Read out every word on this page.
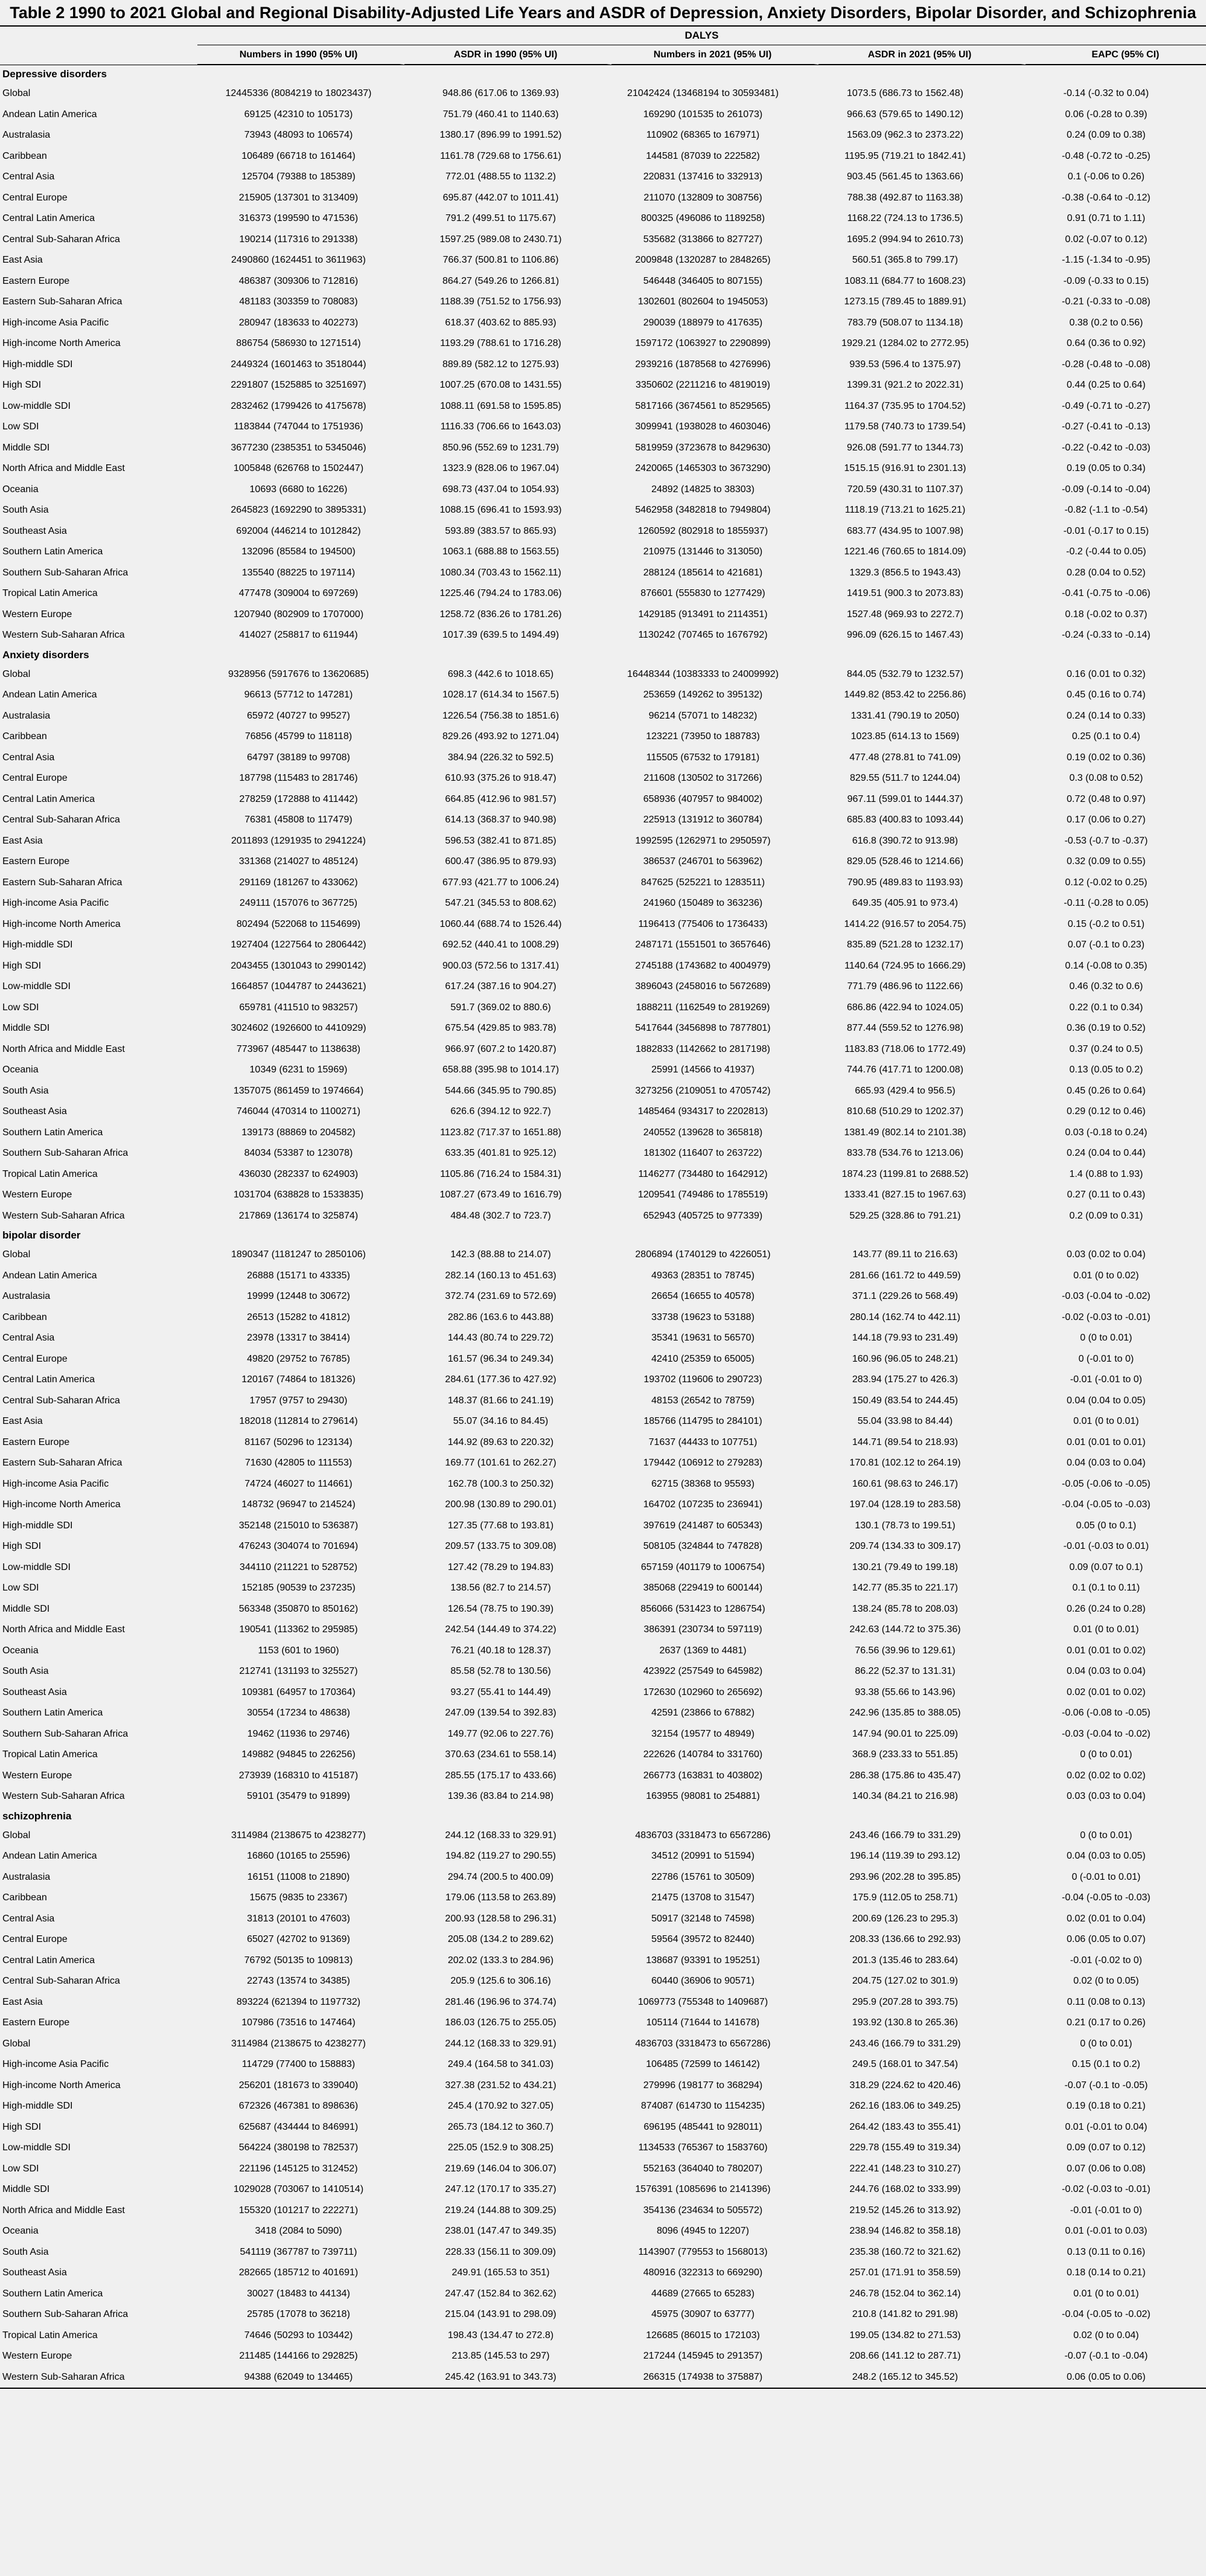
Table 2 1990 to 2021 Global and Regional Disability-Adjusted Life Years and ASDR of Depression, Anxiety Disorders, Bipolar Disorder, and Schizophrenia
DALYS
Numbers in 1990 (95% UI)	ASDR in 1990 (95% UI)	Numbers in 2021 (95% UI)	ASDR in 2021 (95% UI)	EAPC (95% CI)
Depressive disorders
Global	12445336 (8084219 to 18023437)	948.86 (617.06 to 1369.93)	21042424 (13468194 to 30593481)	1073.5 (686.73 to 1562.48)	-0.14 (-0.32 to 0.04)
Andean Latin America	69125 (42310 to 105173)	751.79 (460.41 to 1140.63)	169290 (101535 to 261073)	966.63 (579.65 to 1490.12)	0.06 (-0.28 to 0.39)
Australasia	73943 (48093 to 106574)	1380.17 (896.99 to 1991.52)	110902 (68365 to 167971)	1563.09 (962.3 to 2373.22)	0.24 (0.09 to 0.38)
Caribbean	106489 (66718 to 161464)	1161.78 (729.68 to 1756.61)	144581 (87039 to 222582)	1195.95 (719.21 to 1842.41)	-0.48 (-0.72 to -0.25)
Central Asia	125704 (79388 to 185389)	772.01 (488.55 to 1132.2)	220831 (137416 to 332913)	903.45 (561.45 to 1363.66)	0.1 (-0.06 to 0.26)
Central Europe	215905 (137301 to 313409)	695.87 (442.07 to 1011.41)	211070 (132809 to 308756)	788.38 (492.87 to 1163.38)	-0.38 (-0.64 to -0.12)
Central Latin America	316373 (199590 to 471536)	791.2 (499.51 to 1175.67)	800325 (496086 to 1189258)	1168.22 (724.13 to 1736.5)	0.91 (0.71 to 1.11)
Central Sub-Saharan Africa	190214 (117316 to 291338)	1597.25 (989.08 to 2430.71)	535682 (313866 to 827727)	1695.2 (994.94 to 2610.73)	0.02 (-0.07 to 0.12)
East Asia	2490860 (1624451 to 3611963)	766.37 (500.81 to 1106.86)	2009848 (1320287 to 2848265)	560.51 (365.8 to 799.17)	-1.15 (-1.34 to -0.95)
Eastern Europe	486387 (309306 to 712816)	864.27 (549.26 to 1266.81)	546448 (346405 to 807155)	1083.11 (684.77 to 1608.23)	-0.09 (-0.33 to 0.15)
Eastern Sub-Saharan Africa	481183 (303359 to 708083)	1188.39 (751.52 to 1756.93)	1302601 (802604 to 1945053)	1273.15 (789.45 to 1889.91)	-0.21 (-0.33 to -0.08)
High-income Asia Pacific	280947 (183633 to 402273)	618.37 (403.62 to 885.93)	290039 (188979 to 417635)	783.79 (508.07 to 1134.18)	0.38 (0.2 to 0.56)
High-income North America	886754 (586930 to 1271514)	1193.29 (788.61 to 1716.28)	1597172 (1063927 to 2290899)	1929.21 (1284.02 to 2772.95)	0.64 (0.36 to 0.92)
High-middle SDI	2449324 (1601463 to 3518044)	889.89 (582.12 to 1275.93)	2939216 (1878568 to 4276996)	939.53 (596.4 to 1375.97)	-0.28 (-0.48 to -0.08)
High SDI	2291807 (1525885 to 3251697)	1007.25 (670.08 to 1431.55)	3350602 (2211216 to 4819019)	1399.31 (921.2 to 2022.31)	0.44 (0.25 to 0.64)
Low-middle SDI	2832462 (1799426 to 4175678)	1088.11 (691.58 to 1595.85)	5817166 (3674561 to 8529565)	1164.37 (735.95 to 1704.52)	-0.49 (-0.71 to -0.27)
Low SDI	1183844 (747044 to 1751936)	1116.33 (706.66 to 1643.03)	3099941 (1938028 to 4603046)	1179.58 (740.73 to 1739.54)	-0.27 (-0.41 to -0.13)
Middle SDI	3677230 (2385351 to 5345046)	850.96 (552.69 to 1231.79)	5819959 (3723678 to 8429630)	926.08 (591.77 to 1344.73)	-0.22 (-0.42 to -0.03)
North Africa and Middle East	1005848 (626768 to 1502447)	1323.9 (828.06 to 1967.04)	2420065 (1465303 to 3673290)	1515.15 (916.91 to 2301.13)	0.19 (0.05 to 0.34)
Oceania	10693 (6680 to 16226)	698.73 (437.04 to 1054.93)	24892 (14825 to 38303)	720.59 (430.31 to 1107.37)	-0.09 (-0.14 to -0.04)
South Asia	2645823 (1692290 to 3895331)	1088.15 (696.41 to 1593.93)	5462958 (3482818 to 7949804)	1118.19 (713.21 to 1625.21)	-0.82 (-1.1 to -0.54)
Southeast Asia	692004 (446214 to 1012842)	593.89 (383.57 to 865.93)	1260592 (802918 to 1855937)	683.77 (434.95 to 1007.98)	-0.01 (-0.17 to 0.15)
Southern Latin America	132096 (85584 to 194500)	1063.1 (688.88 to 1563.55)	210975 (131446 to 313050)	1221.46 (760.65 to 1814.09)	-0.2 (-0.44 to 0.05)
Southern Sub-Saharan Africa	135540 (88225 to 197114)	1080.34 (703.43 to 1562.11)	288124 (185614 to 421681)	1329.3 (856.5 to 1943.43)	0.28 (0.04 to 0.52)
Tropical Latin America	477478 (309004 to 697269)	1225.46 (794.24 to 1783.06)	876601 (555830 to 1277429)	1419.51 (900.3 to 2073.83)	-0.41 (-0.75 to -0.06)
Western Europe	1207940 (802909 to 1707000)	1258.72 (836.26 to 1781.26)	1429185 (913491 to 2114351)	1527.48 (969.93 to 2272.7)	0.18 (-0.02 to 0.37)
Western Sub-Saharan Africa	414027 (258817 to 611944)	1017.39 (639.5 to 1494.49)	1130242 (707465 to 1676792)	996.09 (626.15 to 1467.43)	-0.24 (-0.33 to -0.14)
Anxiety disorders
Global	9328956 (5917676 to 13620685)	698.3 (442.6 to 1018.65)	16448344 (10383333 to 24009992)	844.05 (532.79 to 1232.57)	0.16 (0.01 to 0.32)
Andean Latin America	96613 (57712 to 147281)	1028.17 (614.34 to 1567.5)	253659 (149262 to 395132)	1449.82 (853.42 to 2256.86)	0.45 (0.16 to 0.74)
Australasia	65972 (40727 to 99527)	1226.54 (756.38 to 1851.6)	96214 (57071 to 148232)	1331.41 (790.19 to 2050)	0.24 (0.14 to 0.33)
Caribbean	76856 (45799 to 118118)	829.26 (493.92 to 1271.04)	123221 (73950 to 188783)	1023.85 (614.13 to 1569)	0.25 (0.1 to 0.4)
Central Asia	64797 (38189 to 99708)	384.94 (226.32 to 592.5)	115505 (67532 to 179181)	477.48 (278.81 to 741.09)	0.19 (0.02 to 0.36)
Central Europe	187798 (115483 to 281746)	610.93 (375.26 to 918.47)	211608 (130502 to 317266)	829.55 (511.7 to 1244.04)	0.3 (0.08 to 0.52)
Central Latin America	278259 (172888 to 411442)	664.85 (412.96 to 981.57)	658936 (407957 to 984002)	967.11 (599.01 to 1444.37)	0.72 (0.48 to 0.97)
Central Sub-Saharan Africa	76381 (45808 to 117479)	614.13 (368.37 to 940.98)	225913 (131912 to 360784)	685.83 (400.83 to 1093.44)	0.17 (0.06 to 0.27)
East Asia	2011893 (1291935 to 2941224)	596.53 (382.41 to 871.85)	1992595 (1262971 to 2950597)	616.8 (390.72 to 913.98)	-0.53 (-0.7 to -0.37)
Eastern Europe	331368 (214027 to 485124)	600.47 (386.95 to 879.93)	386537 (246701 to 563962)	829.05 (528.46 to 1214.66)	0.32 (0.09 to 0.55)
Eastern Sub-Saharan Africa	291169 (181267 to 433062)	677.93 (421.77 to 1006.24)	847625 (525221 to 1283511)	790.95 (489.83 to 1193.93)	0.12 (-0.02 to 0.25)
High-income Asia Pacific	249111 (157076 to 367725)	547.21 (345.53 to 808.62)	241960 (150489 to 363236)	649.35 (405.91 to 973.4)	-0.11 (-0.28 to 0.05)
High-income North America	802494 (522068 to 1154699)	1060.44 (688.74 to 1526.44)	1196413 (775406 to 1736433)	1414.22 (916.57 to 2054.75)	0.15 (-0.2 to 0.51)
High-middle SDI	1927404 (1227564 to 2806442)	692.52 (440.41 to 1008.29)	2487171 (1551501 to 3657646)	835.89 (521.28 to 1232.17)	0.07 (-0.1 to 0.23)
High SDI	2043455 (1301043 to 2990142)	900.03 (572.56 to 1317.41)	2745188 (1743682 to 4004979)	1140.64 (724.95 to 1666.29)	0.14 (-0.08 to 0.35)
Low-middle SDI	1664857 (1044787 to 2443621)	617.24 (387.16 to 904.27)	3896043 (2458016 to 5672689)	771.79 (486.96 to 1122.66)	0.46 (0.32 to 0.6)
Low SDI	659781 (411510 to 983257)	591.7 (369.02 to 880.6)	1888211 (1162549 to 2819269)	686.86 (422.94 to 1024.05)	0.22 (0.1 to 0.34)
Middle SDI	3024602 (1926600 to 4410929)	675.54 (429.85 to 983.78)	5417644 (3456898 to 7877801)	877.44 (559.52 to 1276.98)	0.36 (0.19 to 0.52)
North Africa and Middle East	773967 (485447 to 1138638)	966.97 (607.2 to 1420.87)	1882833 (1142662 to 2817198)	1183.83 (718.06 to 1772.49)	0.37 (0.24 to 0.5)
Oceania	10349 (6231 to 15969)	658.88 (395.98 to 1014.17)	25991 (14566 to 41937)	744.76 (417.71 to 1200.08)	0.13 (0.05 to 0.2)
South Asia	1357075 (861459 to 1974664)	544.66 (345.95 to 790.85)	3273256 (2109051 to 4705742)	665.93 (429.4 to 956.5)	0.45 (0.26 to 0.64)
Southeast Asia	746044 (470314 to 1100271)	626.6 (394.12 to 922.7)	1485464 (934317 to 2202813)	810.68 (510.29 to 1202.37)	0.29 (0.12 to 0.46)
Southern Latin America	139173 (88869 to 204582)	1123.82 (717.37 to 1651.88)	240552 (139628 to 365818)	1381.49 (802.14 to 2101.38)	0.03 (-0.18 to 0.24)
Southern Sub-Saharan Africa	84034 (53387 to 123078)	633.35 (401.81 to 925.12)	181302 (116407 to 263722)	833.78 (534.76 to 1213.06)	0.24 (0.04 to 0.44)
Tropical Latin America	436030 (282337 to 624903)	1105.86 (716.24 to 1584.31)	1146277 (734480 to 1642912)	1874.23 (1199.81 to 2688.52)	1.4 (0.88 to 1.93)
Western Europe	1031704 (638828 to 1533835)	1087.27 (673.49 to 1616.79)	1209541 (749486 to 1785519)	1333.41 (827.15 to 1967.63)	0.27 (0.11 to 0.43)
Western Sub-Saharan Africa	217869 (136174 to 325874)	484.48 (302.7 to 723.7)	652943 (405725 to 977339)	529.25 (328.86 to 791.21)	0.2 (0.09 to 0.31)
bipolar disorder
Global	1890347 (1181247 to 2850106)	142.3 (88.88 to 214.07)	2806894 (1740129 to 4226051)	143.77 (89.11 to 216.63)	0.03 (0.02 to 0.04)
Andean Latin America	26888 (15171 to 43335)	282.14 (160.13 to 451.63)	49363 (28351 to 78745)	281.66 (161.72 to 449.59)	0.01 (0 to 0.02)
Australasia	19999 (12448 to 30672)	372.74 (231.69 to 572.69)	26654 (16655 to 40578)	371.1 (229.26 to 568.49)	-0.03 (-0.04 to -0.02)
Caribbean	26513 (15282 to 41812)	282.86 (163.6 to 443.88)	33738 (19623 to 53188)	280.14 (162.74 to 442.11)	-0.02 (-0.03 to -0.01)
Central Asia	23978 (13317 to 38414)	144.43 (80.74 to 229.72)	35341 (19631 to 56570)	144.18 (79.93 to 231.49)	0 (0 to 0.01)
Central Europe	49820 (29752 to 76785)	161.57 (96.34 to 249.34)	42410 (25359 to 65005)	160.96 (96.05 to 248.21)	0 (-0.01 to 0)
Central Latin America	120167 (74864 to 181326)	284.61 (177.36 to 427.92)	193702 (119606 to 290723)	283.94 (175.27 to 426.3)	-0.01 (-0.01 to 0)
Central Sub-Saharan Africa	17957 (9757 to 29430)	148.37 (81.66 to 241.19)	48153 (26542 to 78759)	150.49 (83.54 to 244.45)	0.04 (0.04 to 0.05)
East Asia	182018 (112814 to 279614)	55.07 (34.16 to 84.45)	185766 (114795 to 284101)	55.04 (33.98 to 84.44)	0.01 (0 to 0.01)
Eastern Europe	81167 (50296 to 123134)	144.92 (89.63 to 220.32)	71637 (44433 to 107751)	144.71 (89.54 to 218.93)	0.01 (0.01 to 0.01)
Eastern Sub-Saharan Africa	71630 (42805 to 111553)	169.77 (101.61 to 262.27)	179442 (106912 to 279283)	170.81 (102.12 to 264.19)	0.04 (0.03 to 0.04)
High-income Asia Pacific	74724 (46027 to 114661)	162.78 (100.3 to 250.32)	62715 (38368 to 95593)	160.61 (98.63 to 246.17)	-0.05 (-0.06 to -0.05)
High-income North America	148732 (96947 to 214524)	200.98 (130.89 to 290.01)	164702 (107235 to 236941)	197.04 (128.19 to 283.58)	-0.04 (-0.05 to -0.03)
High-middle SDI	352148 (215010 to 536387)	127.35 (77.68 to 193.81)	397619 (241487 to 605343)	130.1 (78.73 to 199.51)	0.05 (0 to 0.1)
High SDI	476243 (304074 to 701694)	209.57 (133.75 to 309.08)	508105 (324844 to 747828)	209.74 (134.33 to 309.17)	-0.01 (-0.03 to 0.01)
Low-middle SDI	344110 (211221 to 528752)	127.42 (78.29 to 194.83)	657159 (401179 to 1006754)	130.21 (79.49 to 199.18)	0.09 (0.07 to 0.1)
Low SDI	152185 (90539 to 237235)	138.56 (82.7 to 214.57)	385068 (229419 to 600144)	142.77 (85.35 to 221.17)	0.1 (0.1 to 0.11)
Middle SDI	563348 (350870 to 850162)	126.54 (78.75 to 190.39)	856066 (531423 to 1286754)	138.24 (85.78 to 208.03)	0.26 (0.24 to 0.28)
North Africa and Middle East	190541 (113362 to 295985)	242.54 (144.49 to 374.22)	386391 (230734 to 597119)	242.63 (144.72 to 375.36)	0.01 (0 to 0.01)
Oceania	1153 (601 to 1960)	76.21 (40.18 to 128.37)	2637 (1369 to 4481)	76.56 (39.96 to 129.61)	0.01 (0.01 to 0.02)
South Asia	212741 (131193 to 325527)	85.58 (52.78 to 130.56)	423922 (257549 to 645982)	86.22 (52.37 to 131.31)	0.04 (0.03 to 0.04)
Southeast Asia	109381 (64957 to 170364)	93.27 (55.41 to 144.49)	172630 (102960 to 265692)	93.38 (55.66 to 143.96)	0.02 (0.01 to 0.02)
Southern Latin America	30554 (17234 to 48638)	247.09 (139.54 to 392.83)	42591 (23866 to 67882)	242.96 (135.85 to 388.05)	-0.06 (-0.08 to -0.05)
Southern Sub-Saharan Africa	19462 (11936 to 29746)	149.77 (92.06 to 227.76)	32154 (19577 to 48949)	147.94 (90.01 to 225.09)	-0.03 (-0.04 to -0.02)
Tropical Latin America	149882 (94845 to 226256)	370.63 (234.61 to 558.14)	222626 (140784 to 331760)	368.9 (233.33 to 551.85)	0 (0 to 0.01)
Western Europe	273939 (168310 to 415187)	285.55 (175.17 to 433.66)	266773 (163831 to 403802)	286.38 (175.86 to 435.47)	0.02 (0.02 to 0.02)
Western Sub-Saharan Africa	59101 (35479 to 91899)	139.36 (83.84 to 214.98)	163955 (98081 to 254881)	140.34 (84.21 to 216.98)	0.03 (0.03 to 0.04)
schizophrenia
Global	3114984 (2138675 to 4238277)	244.12 (168.33 to 329.91)	4836703 (3318473 to 6567286)	243.46 (166.79 to 331.29)	0 (0 to 0.01)
Andean Latin America	16860 (10165 to 25596)	194.82 (119.27 to 290.55)	34512 (20991 to 51594)	196.14 (119.39 to 293.12)	0.04 (0.03 to 0.05)
Australasia	16151 (11008 to 21890)	294.74 (200.5 to 400.09)	22786 (15761 to 30509)	293.96 (202.28 to 395.85)	0 (-0.01 to 0.01)
Caribbean	15675 (9835 to 23367)	179.06 (113.58 to 263.89)	21475 (13708 to 31547)	175.9 (112.05 to 258.71)	-0.04 (-0.05 to -0.03)
Central Asia	31813 (20101 to 47603)	200.93 (128.58 to 296.31)	50917 (32148 to 74598)	200.69 (126.23 to 295.3)	0.02 (0.01 to 0.04)
Central Europe	65027 (42702 to 91369)	205.08 (134.2 to 289.62)	59564 (39572 to 82440)	208.33 (136.66 to 292.93)	0.06 (0.05 to 0.07)
Central Latin America	76792 (50135 to 109813)	202.02 (133.3 to 284.96)	138687 (93391 to 195251)	201.3 (135.46 to 283.64)	-0.01 (-0.02 to 0)
Central Sub-Saharan Africa	22743 (13574 to 34385)	205.9 (125.6 to 306.16)	60440 (36906 to 90571)	204.75 (127.02 to 301.9)	0.02 (0 to 0.05)
East Asia	893224 (621394 to 1197732)	281.46 (196.96 to 374.74)	1069773 (755348 to 1409687)	295.9 (207.28 to 393.75)	0.11 (0.08 to 0.13)
Eastern Europe	107986 (73516 to 147464)	186.03 (126.75 to 255.05)	105114 (71644 to 141678)	193.92 (130.8 to 265.36)	0.21 (0.17 to 0.26)
Global	3114984 (2138675 to 4238277)	244.12 (168.33 to 329.91)	4836703 (3318473 to 6567286)	243.46 (166.79 to 331.29)	0 (0 to 0.01)
High-income Asia Pacific	114729 (77400 to 158883)	249.4 (164.58 to 341.03)	106485 (72599 to 146142)	249.5 (168.01 to 347.54)	0.15 (0.1 to 0.2)
High-income North America	256201 (181673 to 339040)	327.38 (231.52 to 434.21)	279996 (198177 to 368294)	318.29 (224.62 to 420.46)	-0.07 (-0.1 to -0.05)
High-middle SDI	672326 (467381 to 898636)	245.4 (170.92 to 327.05)	874087 (614730 to 1154235)	262.16 (183.06 to 349.25)	0.19 (0.18 to 0.21)
High SDI	625687 (434444 to 846991)	265.73 (184.12 to 360.7)	696195 (485441 to 928011)	264.42 (183.43 to 355.41)	0.01 (-0.01 to 0.04)
Low-middle SDI	564224 (380198 to 782537)	225.05 (152.9 to 308.25)	1134533 (765367 to 1583760)	229.78 (155.49 to 319.34)	0.09 (0.07 to 0.12)
Low SDI	221196 (145125 to 312452)	219.69 (146.04 to 306.07)	552163 (364040 to 780207)	222.41 (148.23 to 310.27)	0.07 (0.06 to 0.08)
Middle SDI	1029028 (703067 to 1410514)	247.12 (170.17 to 335.27)	1576391 (1085696 to 2141396)	244.76 (168.02 to 333.99)	-0.02 (-0.03 to -0.01)
North Africa and Middle East	155320 (101217 to 222271)	219.24 (144.88 to 309.25)	354136 (234634 to 505572)	219.52 (145.26 to 313.92)	-0.01 (-0.01 to 0)
Oceania	3418 (2084 to 5090)	238.01 (147.47 to 349.35)	8096 (4945 to 12207)	238.94 (146.82 to 358.18)	0.01 (-0.01 to 0.03)
South Asia	541119 (367787 to 739711)	228.33 (156.11 to 309.09)	1143907 (779553 to 1568013)	235.38 (160.72 to 321.62)	0.13 (0.11 to 0.16)
Southeast Asia	282665 (185712 to 401691)	249.91 (165.53 to 351)	480916 (322313 to 669290)	257.01 (171.91 to 358.59)	0.18 (0.14 to 0.21)
Southern Latin America	30027 (18483 to 44134)	247.47 (152.84 to 362.62)	44689 (27665 to 65283)	246.78 (152.04 to 362.14)	0.01 (0 to 0.01)
Southern Sub-Saharan Africa	25785 (17078 to 36218)	215.04 (143.91 to 298.09)	45975 (30907 to 63777)	210.8 (141.82 to 291.98)	-0.04 (-0.05 to -0.02)
Tropical Latin America	74646 (50293 to 103442)	198.43 (134.47 to 272.8)	126685 (86015 to 172103)	199.05 (134.82 to 271.53)	0.02 (0 to 0.04)
Western Europe	211485 (144166 to 292825)	213.85 (145.53 to 297)	217244 (145945 to 291357)	208.66 (141.12 to 287.71)	-0.07 (-0.1 to -0.04)
Western Sub-Saharan Africa	94388 (62049 to 134465)	245.42 (163.91 to 343.73)	266315 (174938 to 375887)	248.2 (165.12 to 345.52)	0.06 (0.05 to 0.06)
